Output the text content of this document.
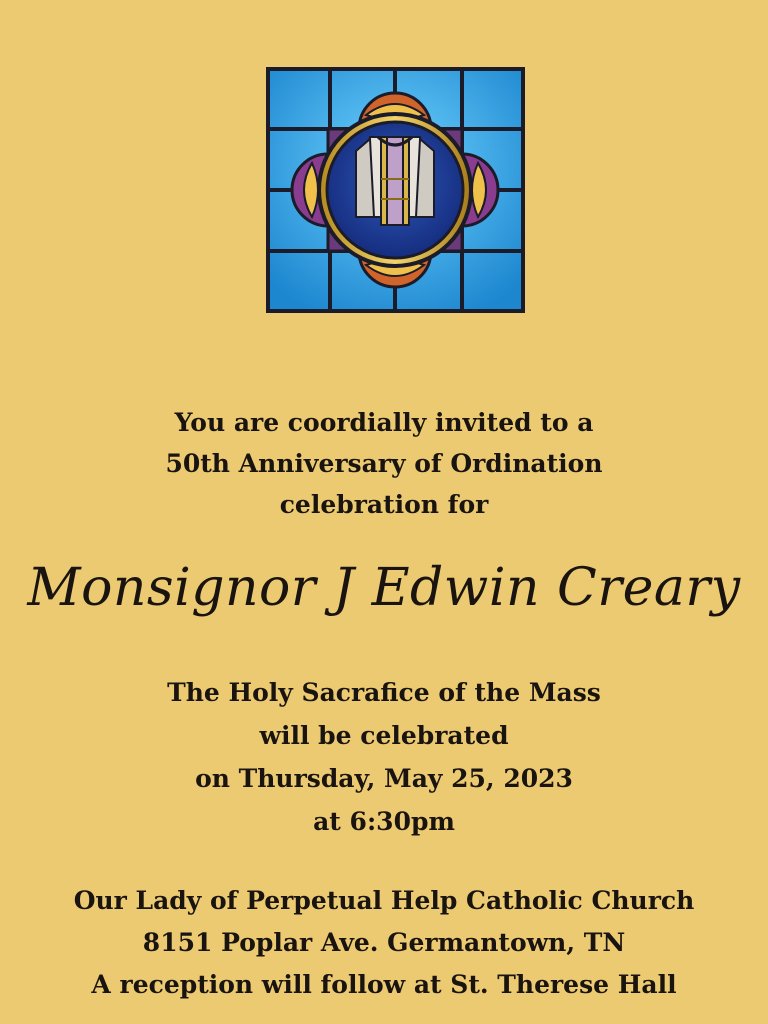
You are coordially invited to a
50th Anniversary of Ordination
celebration for
Monsignor J Edwin Creary
The Holy Sacrafice of the Mass
will be celebrated
on Thursday, May 25, 2023
at 6:30pm
Our Lady of Perpetual Help Catholic Church
8151 Poplar Ave. Germantown, TN
A reception will follow at St. Therese Hall
